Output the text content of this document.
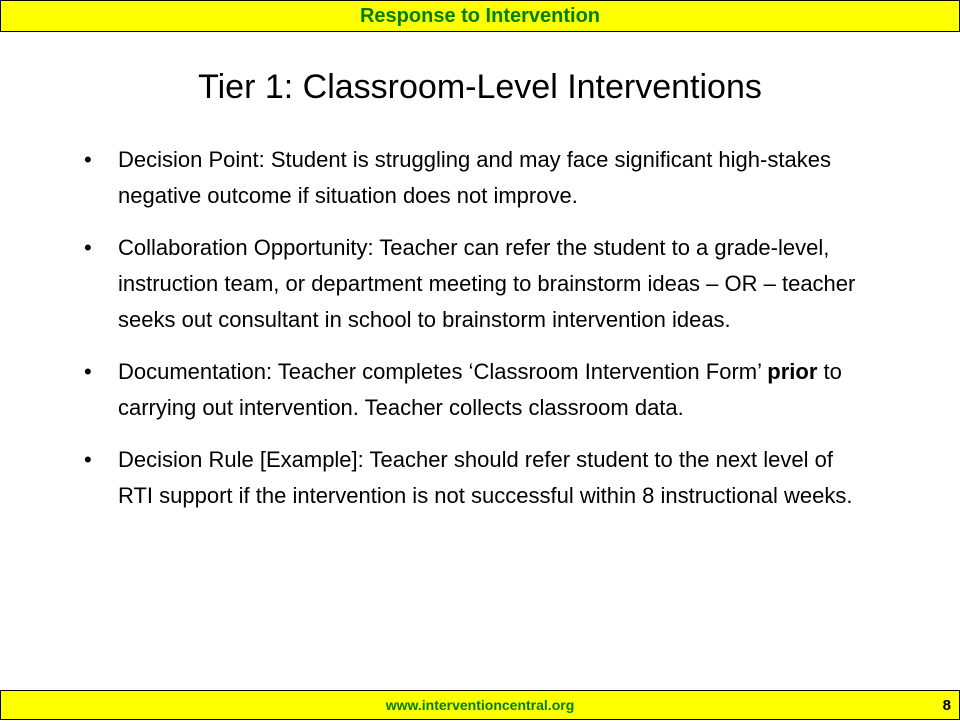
Response to Intervention
Tier 1: Classroom-Level Interventions
•	Decision Point: Student is struggling and may face significant high-stakes negative outcome if situation does not improve.
•	Collaboration Opportunity: Teacher can refer the student to a grade-level, instruction team, or department meeting to brainstorm ideas – OR – teacher seeks out consultant in school to brainstorm intervention ideas.
•	Documentation: Teacher completes ‘Classroom Intervention Form’ prior to carrying out intervention. Teacher collects classroom data.
•	Decision Rule [Example]: Teacher should refer student to the next level of RTI support if the intervention is not successful within 8 instructional weeks.
www.interventioncentral.org	8
